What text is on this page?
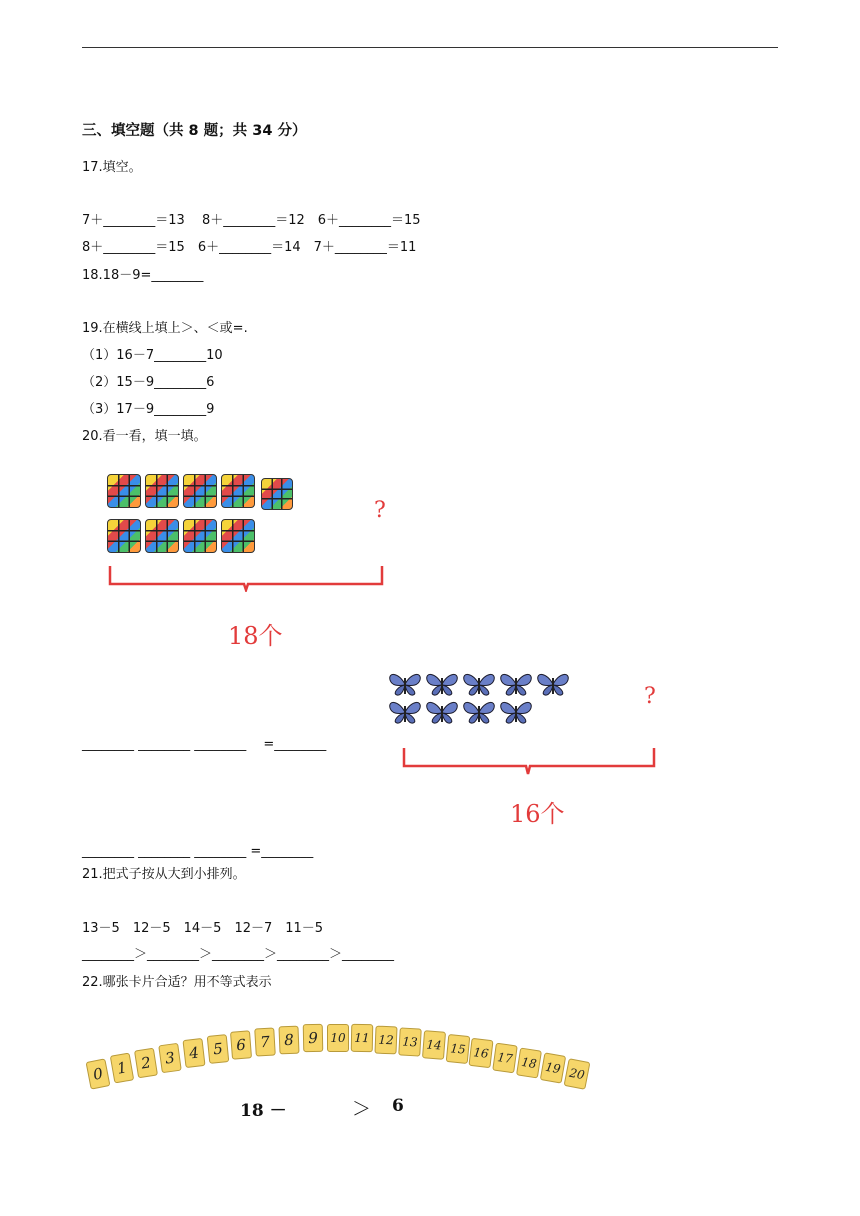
三、填空题（共 8 题；共 34 分）
17.填空。
7＋________＝13　 8＋________＝12　6＋________＝15
8＋________＝15　6＋________＝14　7＋________＝11
18.18－9=________
19.在横线上填上＞、＜或=.
（1）16－7________10
（2）15－9________6
（3）17－9________9
20.看一看，填一填。
?
18个
?
16个
________ ________ ________ 　=________
________ ________ ________ =________
21.把式子按从大到小排列。
13－5　12－5　14－5　12－7　11－5
________＞________＞________＞________＞________
22.哪张卡片合适？用不等式表示
0 1 2 3 4 5 6 7 8 9	10 11 12 13 14 15 16 17 18 19 20
18 －	＞ 6
